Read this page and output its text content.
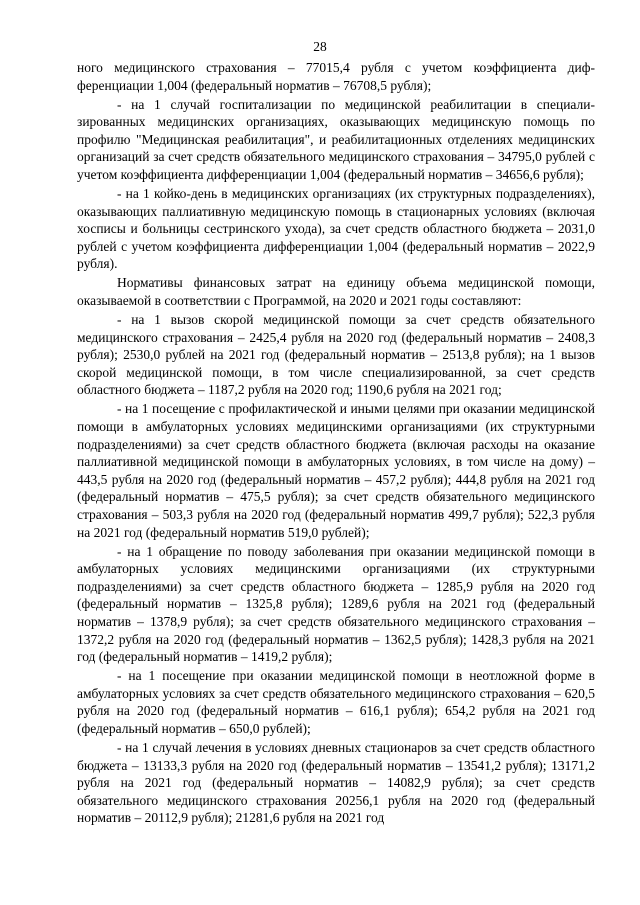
28

ного медицинского страхования – 77015,4 рубля с учетом коэффициента дифференциации 1,004 (федеральный норматив – 76708,5 рубля);

- на 1 случай госпитализации по медицинской реабилитации в специализированных медицинских организациях, оказывающих медицинскую помощь по профилю "Медицинская реабилитация", и реабилитационных отделениях медицинских организаций за счет средств обязательного медицинского страхования – 34795,0 рублей с учетом коэффициента дифференциации 1,004 (федеральный норматив – 34656,6 рубля);

- на 1 койко-день в медицинских организациях (их структурных подразделениях), оказывающих паллиативную медицинскую помощь в стационарных условиях (включая хосписы и больницы сестринского ухода), за счет средств областного бюджета – 2031,0 рублей с учетом коэффициента дифференциации 1,004 (федеральный норматив – 2022,9 рубля).

Нормативы финансовых затрат на единицу объема медицинской помощи, оказываемой в соответствии с Программой, на 2020 и 2021 годы составляют:

- на 1 вызов скорой медицинской помощи за счет средств обязательного медицинского страхования – 2425,4 рубля на 2020 год (федеральный норматив – 2408,3 рубля); 2530,0 рублей на 2021 год (федеральный норматив – 2513,8 рубля); на 1 вызов скорой медицинской помощи, в том числе специализированной, за счет средств областного бюджета – 1187,2 рубля на 2020 год; 1190,6 рубля на 2021 год;

- на 1 посещение с профилактической и иными целями при оказании медицинской помощи в амбулаторных условиях медицинскими организациями (их структурными подразделениями) за счет средств областного бюджета (включая расходы на оказание паллиативной медицинской помощи в амбулаторных условиях, в том числе на дому) – 443,5 рубля на 2020 год (федеральный норматив – 457,2 рубля); 444,8 рубля на 2021 год (федеральный норматив – 475,5 рубля); за счет средств обязательного медицинского страхования – 503,3 рубля на 2020 год (федеральный норматив 499,7 рубля); 522,3 рубля на 2021 год (федеральный норматив 519,0 рублей);

- на 1 обращение по поводу заболевания при оказании медицинской помощи в амбулаторных условиях медицинскими организациями (их структурными подразделениями) за счет средств областного бюджета – 1285,9 рубля на 2020 год (федеральный норматив – 1325,8 рубля); 1289,6 рубля на 2021 год (федеральный норматив – 1378,9 рубля); за счет средств обязательного медицинского страхования – 1372,2 рубля на 2020 год (федеральный норматив – 1362,5 рубля); 1428,3 рубля на 2021 год (федеральный норматив – 1419,2 рубля);

- на 1 посещение при оказании медицинской помощи в неотложной форме в амбулаторных условиях за счет средств обязательного медицинского страхования – 620,5 рубля на 2020 год (федеральный норматив – 616,1 рубля); 654,2 рубля на 2021 год (федеральный норматив – 650,0 рублей);

- на 1 случай лечения в условиях дневных стационаров за счет средств областного бюджета – 13133,3 рубля на 2020 год (федеральный норматив – 13541,2 рубля); 13171,2 рубля на 2021 год (федеральный норматив – 14082,9 рубля); за счет средств обязательного медицинского страхования 20256,1 рубля на 2020 год (федеральный норматив – 20112,9 рубля); 21281,6 рубля на 2021 год
